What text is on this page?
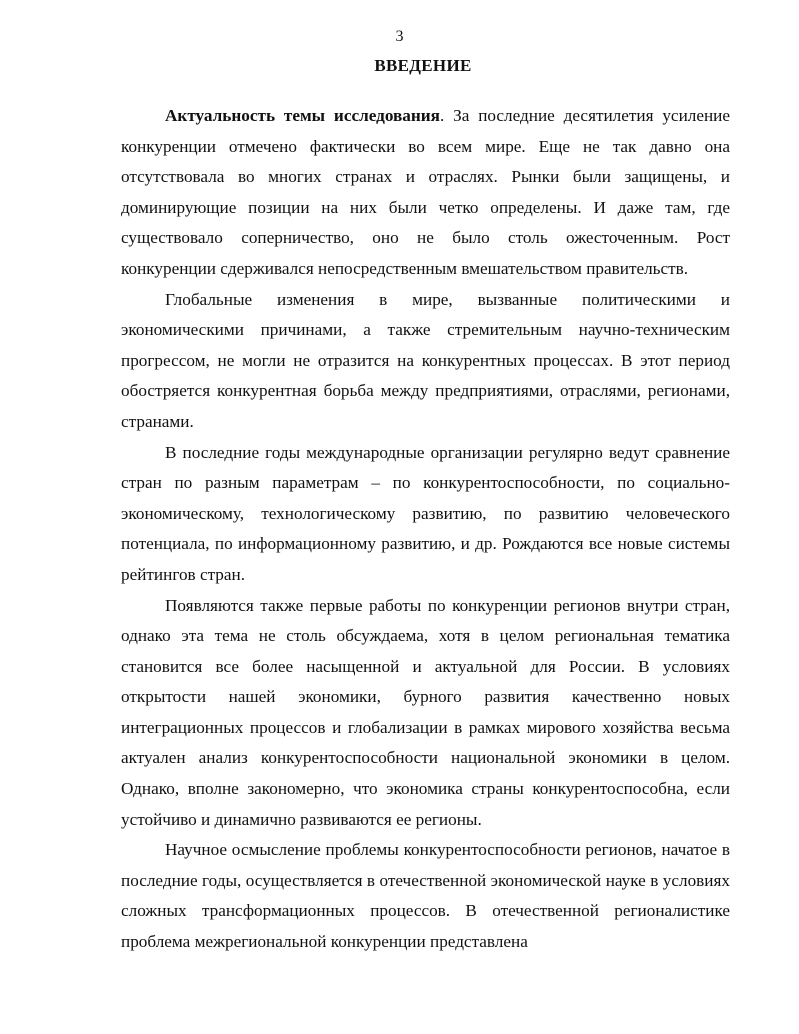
3
ВВЕДЕНИЕ

Актуальность темы исследования. За последние десятилетия усиление конкуренции отмечено фактически во всем мире. Еще не так давно она отсутствовала во многих странах и отраслях. Рынки были защищены, и доминирующие позиции на них были четко определены. И даже там, где существовало соперничество, оно не было столь ожесточенным. Рост конкуренции сдерживался непосредственным вмешательством правительств.

Глобальные изменения в мире, вызванные политическими и экономическими причинами, а также стремительным научно-техническим прогрессом, не могли не отразится на конкурентных процессах. В этот период обостряется конкурентная борьба между предприятиями, отраслями, регионами, странами.

В последние годы международные организации регулярно ведут сравнение стран по разным параметрам – по конкурентоспособности, по социально-экономическому, технологическому развитию, по развитию человеческого потенциала, по информационному развитию, и др. Рождаются все новые системы рейтингов стран.

Появляются также первые работы по конкуренции регионов внутри стран, однако эта тема не столь обсуждаема, хотя в целом региональная тематика становится все более насыщенной и актуальной для России. В условиях открытости нашей экономики, бурного развития качественно новых интеграционных процессов и глобализации в рамках мирового хозяйства весьма актуален анализ конкурентоспособности национальной экономики в целом. Однако, вполне закономерно, что экономика страны конкурентоспособна, если устойчиво и динамично развиваются ее регионы.

Научное осмысление проблемы конкурентоспособности регионов, начатое в последние годы, осуществляется в отечественной экономической науке в условиях сложных трансформационных процессов. В отечественной регионалистике проблема межрегиональной конкуренции представлена
